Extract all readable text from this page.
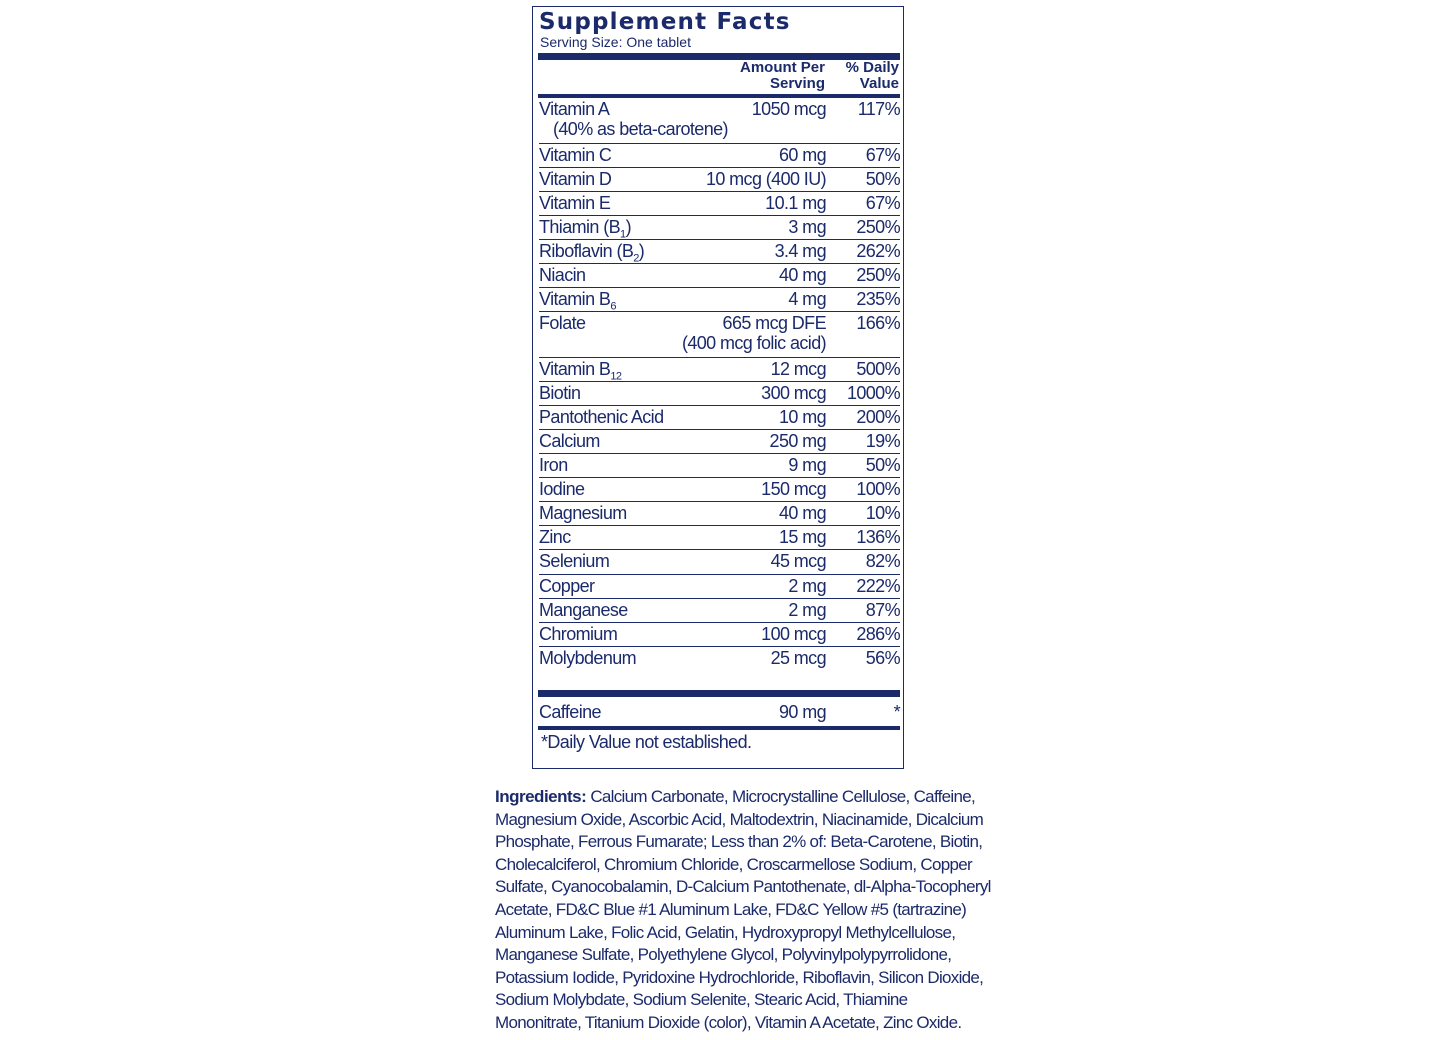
Supplement Facts
Serving Size: One tablet
Amount Per
Serving
% Daily
Value
Vitamin A	1050 mcg 117%
(40% as beta-carotene)
Vitamin C	60 mg 67%
Vitamin D	10 mcg (400 IU) 50%
Vitamin E	10.1 mg 67%
Thiamin $(B_1)$	3 mg 250%
Riboflavin $(B_2)$	3.4 mg 262%
Niacin	40 mg 250%
Vitamin $B_6$	4 mg 235%
Folate	665 mcg DFE 166%
(400 mcg folic acid)
Vitamin $B_{12}$	12 mcg 500%
Biotin	300 mcg 1000%
Pantothenic Acid	10 mg 200%
Calcium	250 mg 19%
Iron	9 mg 50%
Iodine	150 mcg 100%
Magnesium	40 mg 10%
Zinc	15 mg 136%
Selenium	45 mcg 82%
Copper	2 mg 222%
Manganese	2 mg 87%
Chromium	100 mcg 286%
Molybdenum	25 mcg 56%
Caffeine	90 mg	*
*Daily Value not established.

Ingredients: Calcium Carbonate, Microcrystalline Cellulose, Caffeine,
Magnesium Oxide, Ascorbic Acid, Maltodextrin, Niacinamide, Dicalcium
Phosphate, Ferrous Fumarate; Less than 2% of: Beta-Carotene, Biotin,
Cholecalciferol, Chromium Chloride, Croscarmellose Sodium, Copper
Sulfate, Cyanocobalamin, D-Calcium Pantothenate, dl-Alpha-Tocopheryl
Acetate, FD&C Blue #1 Aluminum Lake, FD&C Yellow #5 (tartrazine)
Aluminum Lake, Folic Acid, Gelatin, Hydroxypropyl Methylcellulose,
Manganese Sulfate, Polyethylene Glycol, Polyvinylpolypyrrolidone,
Potassium Iodide, Pyridoxine Hydrochloride, Riboflavin, Silicon Dioxide,
Sodium Molybdate, Sodium Selenite, Stearic Acid, Thiamine
Mononitrate, Titanium Dioxide (color), Vitamin A Acetate, Zinc Oxide.
